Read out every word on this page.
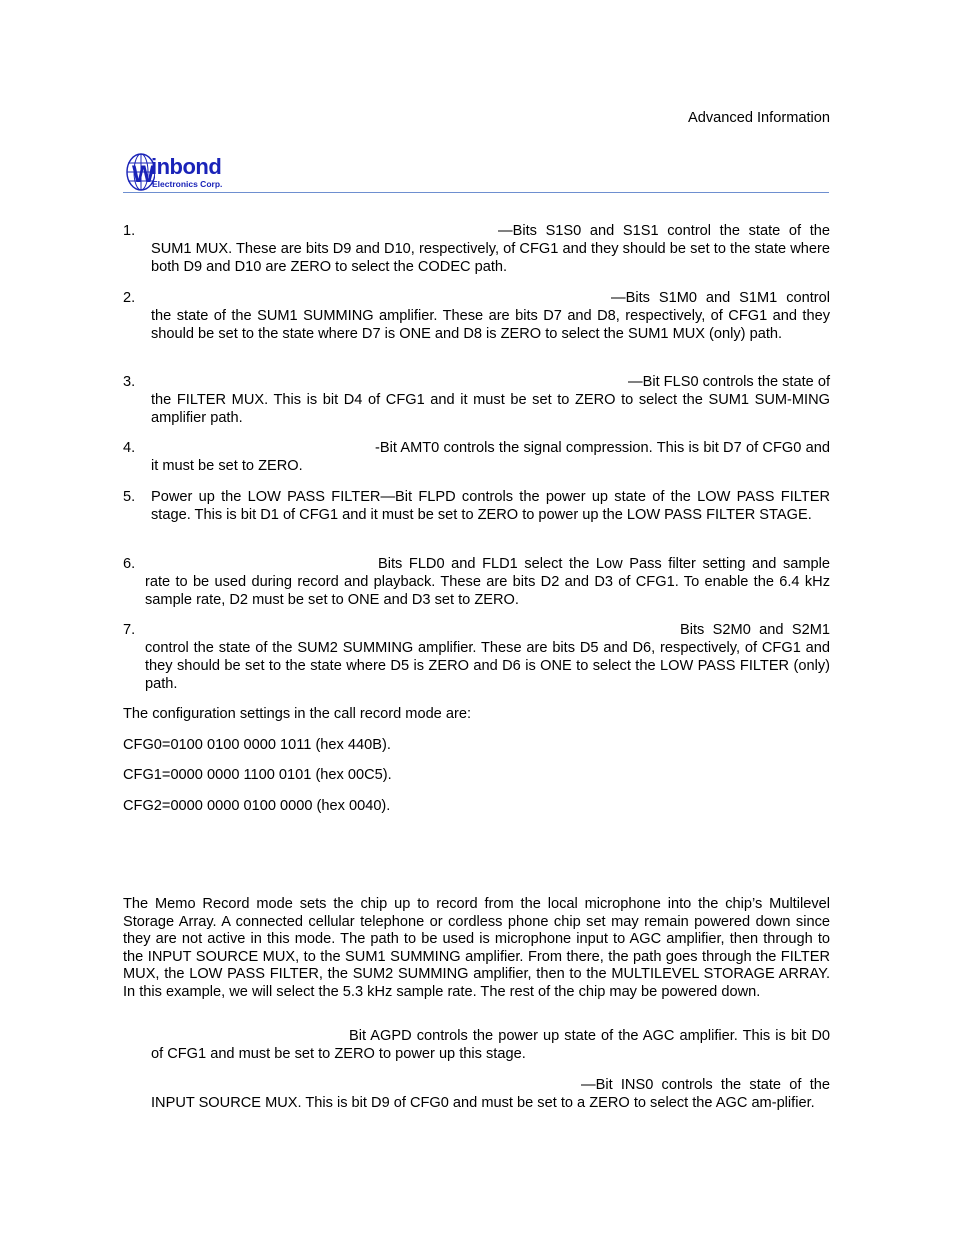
Advanced Information
W
inbond
Electronics Corp.
1.	—Bits S1S0 and S1S1 control the state of the SUM1 MUX. These are bits D9 and D10, respectively, of CFG1 and they should be set to the state where both D9 and D10 are ZERO to select the CODEC path.
2.	—Bits S1M0 and S1M1 control the state of the SUM1 SUMMING amplifier. These are bits D7 and D8, respectively, of CFG1 and they should be set to the state where D7 is ONE and D8 is ZERO to select the SUM1 MUX (only) path.
3.	—Bit FLS0 controls the state of the FILTER MUX. This is bit D4 of CFG1 and it must be set to ZERO to select the SUM1 SUM-MING amplifier path.
4.	-Bit AMT0 controls the signal compression. This is bit D7 of CFG0 and it must be set to ZERO.
5. Power up the LOW PASS FILTER—Bit FLPD controls the power up state of the LOW PASS FILTER stage. This is bit D1 of CFG1 and it must be set to ZERO to power up the LOW PASS FILTER STAGE.
6.	Bits FLD0 and FLD1 select the Low Pass filter setting and sample rate to be used during record and playback. These are bits D2 and D3 of CFG1. To enable the 6.4 kHz sample rate, D2 must be set to ONE and D3 set to ZERO.
7.	Bits S2M0 and S2M1 control the state of the SUM2 SUMMING amplifier. These are bits D5 and D6, respectively, of CFG1 and they should be set to the state where D5 is ZERO and D6 is ONE to select the LOW PASS FILTER (only) path.
The configuration settings in the call record mode are:
CFG0=0100 0100 0000 1011 (hex 440B).
CFG1=0000 0000 1100 0101 (hex 00C5).
CFG2=0000 0000 0100 0000 (hex 0040).
The Memo Record mode sets the chip up to record from the local microphone into the chip’s Multilevel Storage Array. A connected cellular telephone or cordless phone chip set may remain powered down since they are not active in this mode. The path to be used is microphone input to AGC amplifier, then through to the INPUT SOURCE MUX, to the SUM1 SUMMING amplifier. From there, the path goes through the FILTER MUX, the LOW PASS FILTER, the SUM2 SUMMING amplifier, then to the MULTILEVEL STORAGE ARRAY. In this example, we will select the 5.3 kHz sample rate. The rest of the chip may be powered down.
Bit AGPD controls the power up state of the AGC amplifier. This is bit D0 of CFG1 and must be set to ZERO to power up this stage.
—Bit INS0 controls the state of the INPUT SOURCE MUX. This is bit D9 of CFG0 and must be set to a ZERO to select the AGC am-plifier.
